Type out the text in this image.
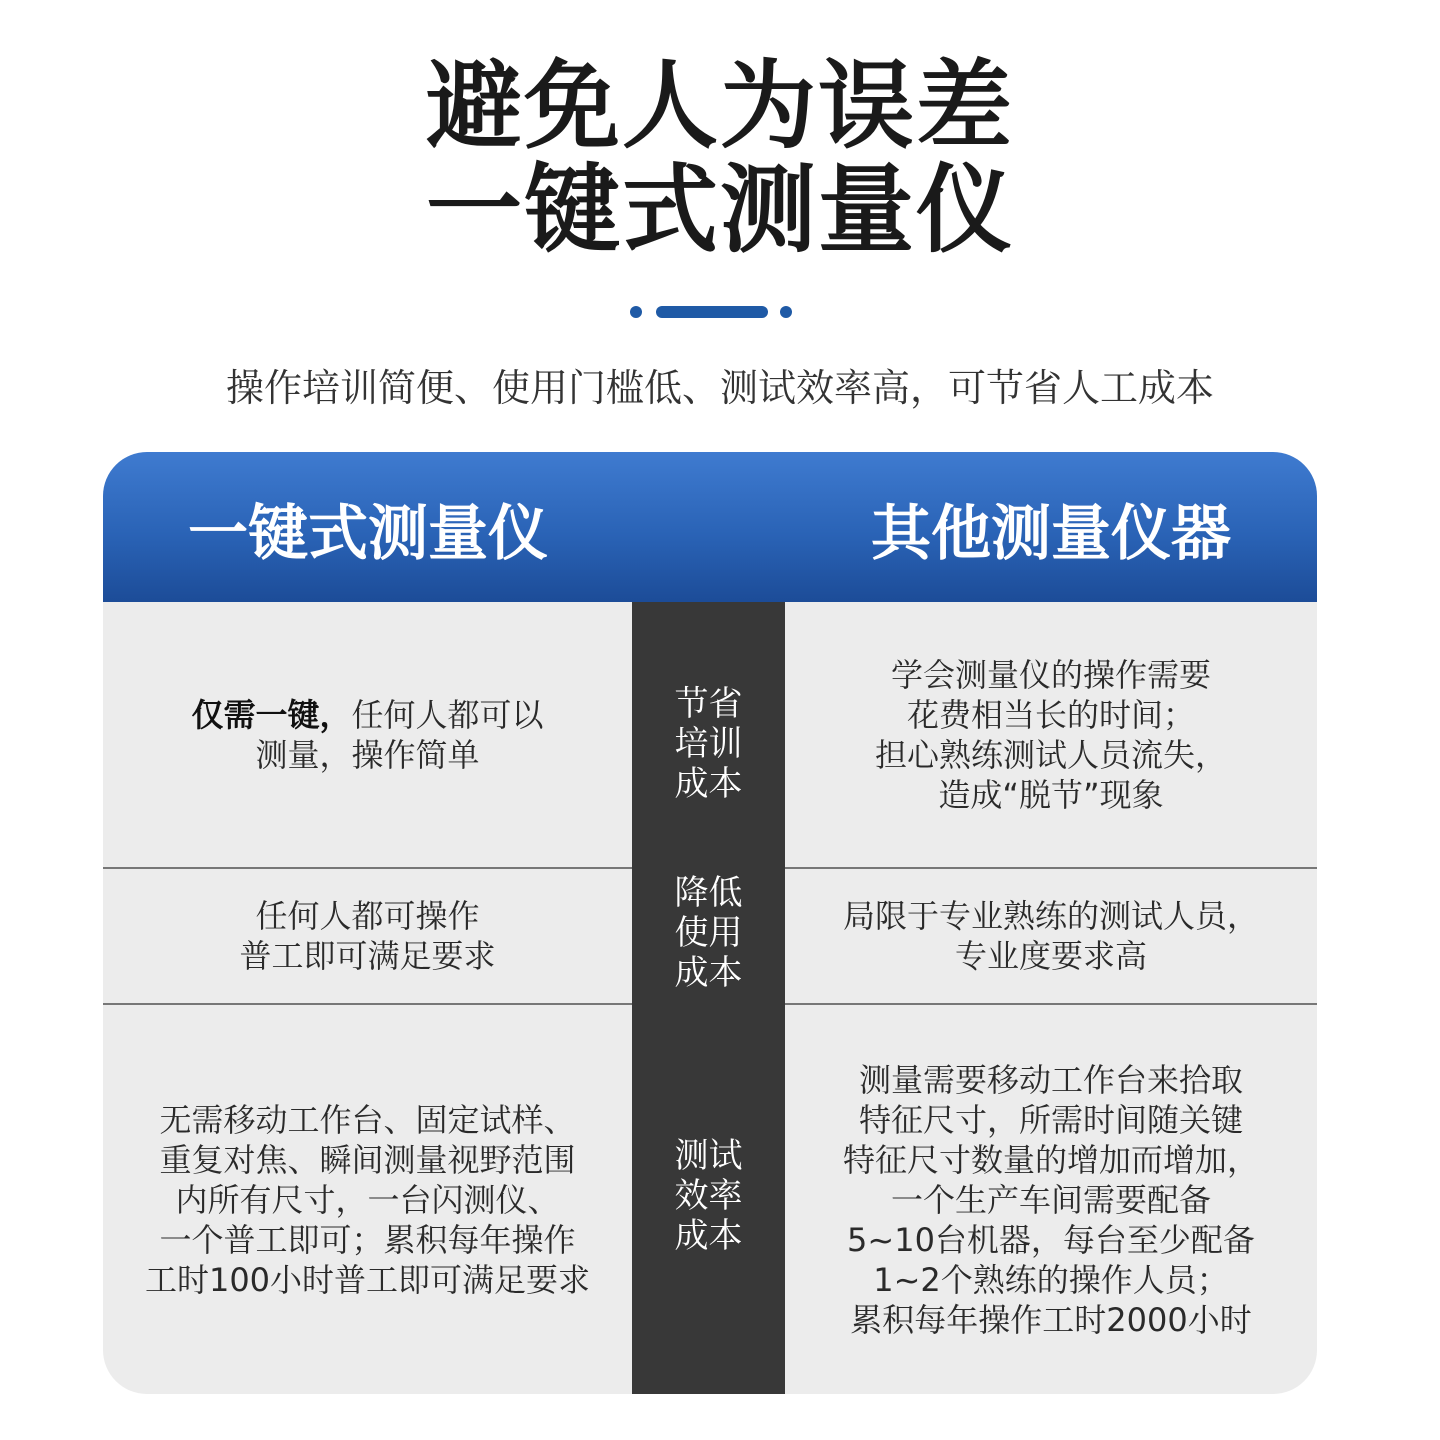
避免人为误差
一键式测量仪
操作培训简便、使用门槛低、测试效率高，可节省人工成本
一键式测量仪	其他测量仪器
节省
培训
成本
仅需一键，任何人都可以
测量，操作简单
学会测量仪的操作需要
花费相当长的时间；
担心熟练测试人员流失，
造成“脱节”现象
降低
使用
成本
任何人都可操作
普工即可满足要求
局限于专业熟练的测试人员，
专业度要求高
测试
效率
成本
无需移动工作台、固定试样、
重复对焦、瞬间测量视野范围
内所有尺寸，一台闪测仪、
一个普工即可；累积每年操作
工时100小时普工即可满足要求
测量需要移动工作台来拾取
特征尺寸，所需时间随关键
特征尺寸数量的增加而增加，
一个生产车间需要配备
5~10台机器，每台至少配备
1~2个熟练的操作人员；
累积每年操作工时2000小时
